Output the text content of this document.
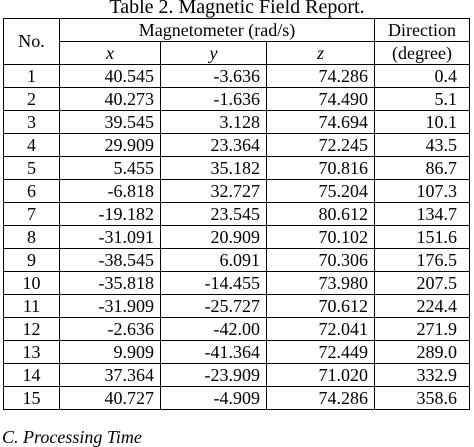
Table 2. Magnetic Field Report.
No.	Magnetometer (rad/s)			Direction
	x	y	z	(degree)
1	40.545	-3.636	74.286	0.4
2	40.273	-1.636	74.490	5.1
3	39.545	3.128	74.694	10.1
4	29.909	23.364	72.245	43.5
5	5.455	35.182	70.816	86.7
6	-6.818	32.727	75.204	107.3
7	-19.182	23.545	80.612	134.7
8	-31.091	20.909	70.102	151.6
9	-38.545	6.091	70.306	176.5
10	-35.818	-14.455	73.980	207.5
11	-31.909	-25.727	70.612	224.4
12	-2.636	-42.00	72.041	271.9
13	9.909	-41.364	72.449	289.0
14	37.364	-23.909	71.020	332.9
15	40.727	-4.909	74.286	358.6
C. Processing Time
